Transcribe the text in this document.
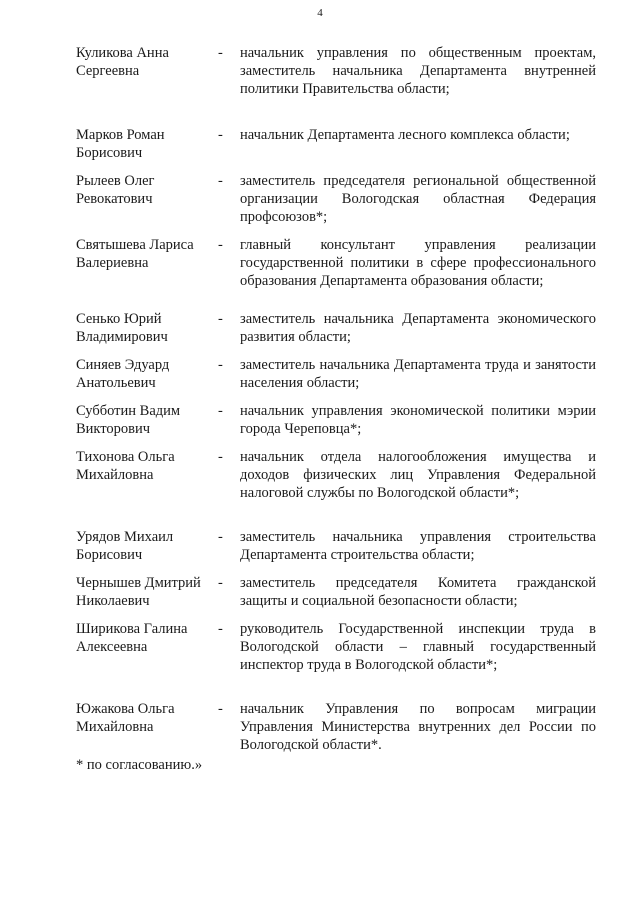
4
Куликова Анна
Сергеевна
-	начальник управления по общественным проектам, заместитель начальника Департамента внутренней политики Правительства области;
Марков Роман
Борисович
-	начальник Департамента лесного комплекса области;
Рылеев Олег
Ревокатович
-	заместитель председателя региональной общественной организации Вологодская областная Федерация профсоюзов*;
Святышева Лариса
Валериевна
-	главный консультант управления реализации государственной политики в сфере профессионального образования Департамента образования области;
Сенько Юрий
Владимирович
-	заместитель начальника Департамента экономического развития области;
Синяев Эдуард
Анатольевич
-	заместитель начальника Департамента труда и занятости населения области;
Субботин Вадим
Викторович
-	начальник управления экономической политики мэрии города Череповца*;
Тихонова Ольга
Михайловна
-	начальник отдела налогообложения имущества и доходов физических лиц Управления Федеральной налоговой службы по Вологодской области*;
Урядов Михаил
Борисович
-	заместитель начальника управления строительства Департамента строительства области;
Чернышев Дмитрий
Николаевич
-	заместитель председателя Комитета гражданской защиты и социальной безопасности области;
Ширикова Галина
Алексеевна
-	руководитель Государственной инспекции труда в Вологодской области – главный государственный инспектор труда в Вологодской области*;
Южакова Ольга
Михайловна
-	начальник Управления по вопросам миграции Управления Министерства внутренних дел России по Вологодской области*.
* по согласованию.»
